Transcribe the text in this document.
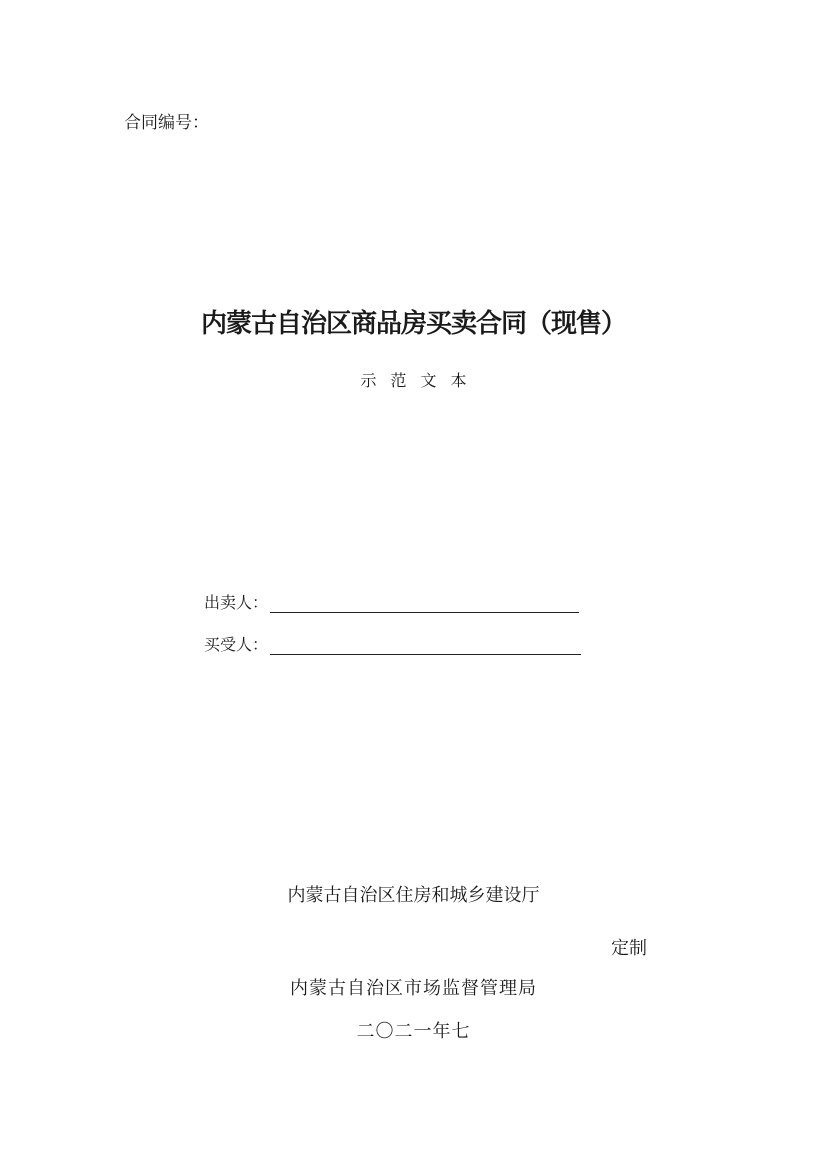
合同编号：
内蒙古自治区商品房买卖合同（现售）
示范文本
出卖人：
买受人：
内蒙古自治区住房和城乡建设厅
定制
内蒙古自治区市场监督管理局
二〇二一年七
